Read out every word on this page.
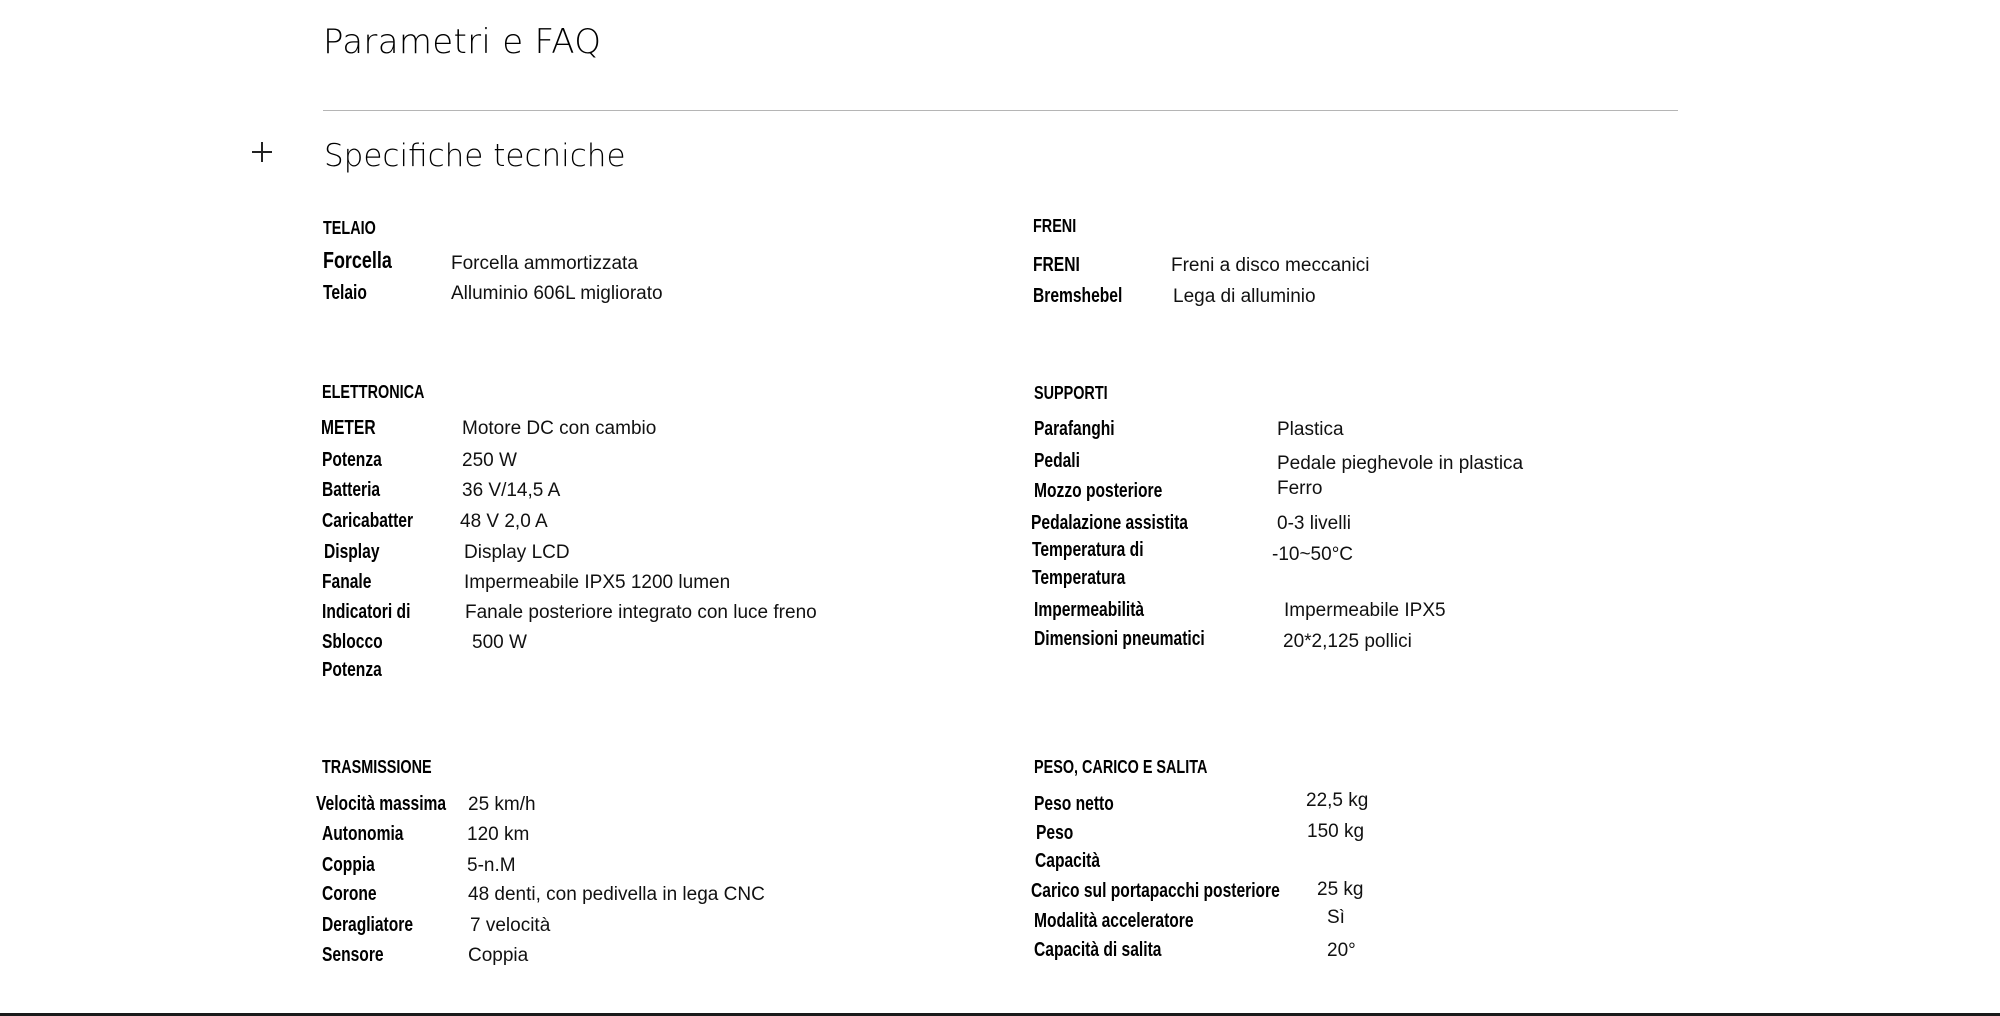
Parametri e FAQ
Specifiche tecniche
TELAIO
Forcella	Forcella ammortizzata
Telaio	Alluminio 606L migliorato
FRENI
FRENI	Freni a disco meccanici
Bremshebel	Lega di alluminio
ELETTRONICA
METER	Motore DC con cambio
Potenza	250 W
Batteria	36 V/14,5 A
Caricabatter 48 V 2,0 A
Display	Display LCD
Fanale	Impermeabile IPX5 1200 lumen
Indicatori di	Fanale posteriore integrato con luce freno
Sblocco	500 W
Potenza
SUPPORTI
Parafanghi	Plastica
Pedali	Pedale pieghevole in plastica
Mozzo posteriore	Ferro
Pedalazione assistita	0-3 livelli
Temperatura di	-10~50°C
Temperatura
Impermeabilità	Impermeabile IPX5
Dimensioni pneumatici	20*2,125 pollici
TRASMISSIONE
Velocità massima 25 km/h
Autonomia	120 km
Coppia	5-n.M
Corone	48 denti, con pedivella in lega CNC
Deragliatore	7 velocità
Sensore	Coppia
PESO, CARICO E SALITA
Peso netto	22,5 kg
Peso	150 kg
Capacità
Carico sul portapacchi posteriore 25 kg
Modalità acceleratore	Sì
Capacità di salita	20°
